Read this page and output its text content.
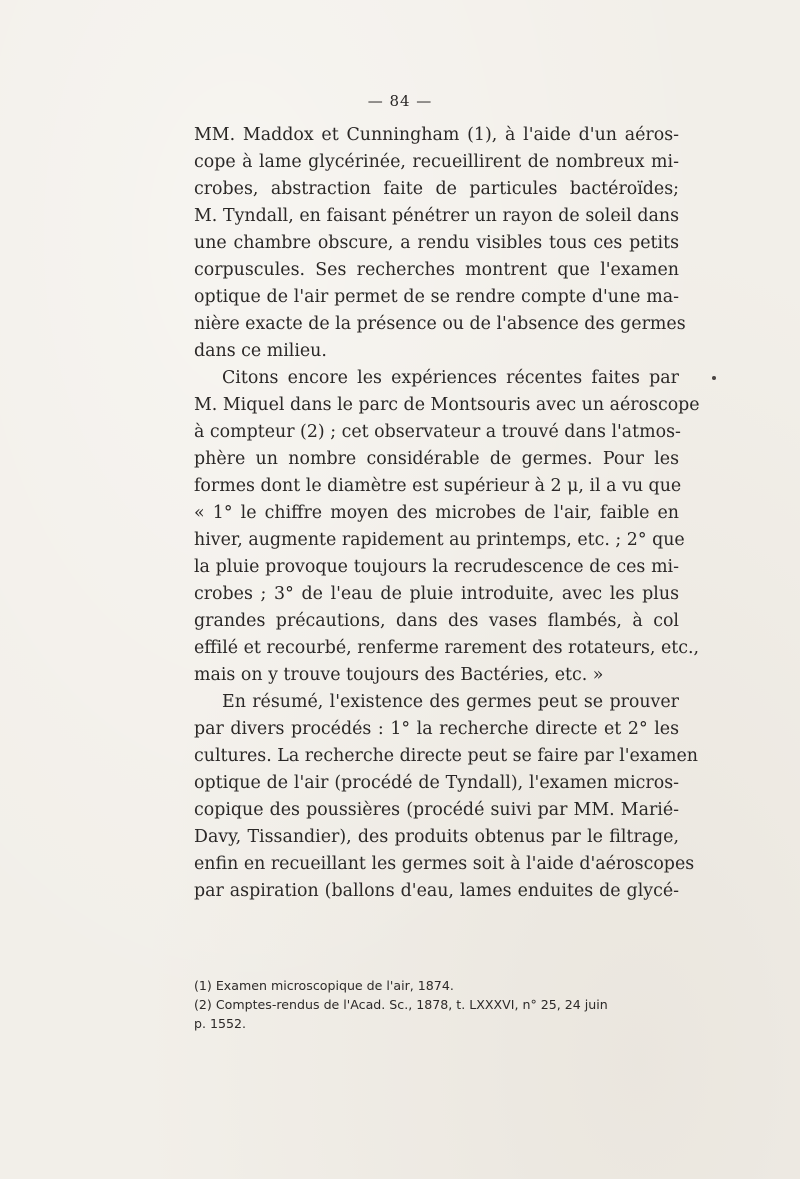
— 84 —
MM. Maddox et Cunningham (1), à l'aide d'un aéros-
cope à lame glycérinée, recueillirent de nombreux mi-
crobes, abstraction faite de particules bactéroïdes;
M. Tyndall, en faisant pénétrer un rayon de soleil dans
une chambre obscure, a rendu visibles tous ces petits
corpuscules. Ses recherches montrent que l'examen
optique de l'air permet de se rendre compte d'une ma-
nière exacte de la présence ou de l'absence des germes
dans ce milieu.
Citons encore les expériences récentes faites par
M. Miquel dans le parc de Montsouris avec un aéroscope
à compteur (2) ; cet observateur a trouvé dans l'atmos-
phère un nombre considérable de germes. Pour les
formes dont le diamètre est supérieur à 2 μ, il a vu que
« 1° le chiffre moyen des microbes de l'air, faible en
hiver, augmente rapidement au printemps, etc. ; 2° que
la pluie provoque toujours la recrudescence de ces mi-
crobes ; 3° de l'eau de pluie introduite, avec les plus
grandes précautions, dans des vases flambés, à col
effilé et recourbé, renferme rarement des rotateurs, etc.,
mais on y trouve toujours des Bactéries, etc. »
En résumé, l'existence des germes peut se prouver
par divers procédés : 1° la recherche directe et 2° les
cultures. La recherche directe peut se faire par l'examen
optique de l'air (procédé de Tyndall), l'examen micros-
copique des poussières (procédé suivi par MM. Marié-
Davy, Tissandier), des produits obtenus par le filtrage,
enfin en recueillant les germes soit à l'aide d'aéroscopes
par aspiration (ballons d'eau, lames enduites de glycé-
(1) Examen microscopique de l'air, 1874.
(2) Comptes-rendus de l'Acad. Sc., 1878, t. LXXXVI, n° 25, 24 juin
p. 1552.
